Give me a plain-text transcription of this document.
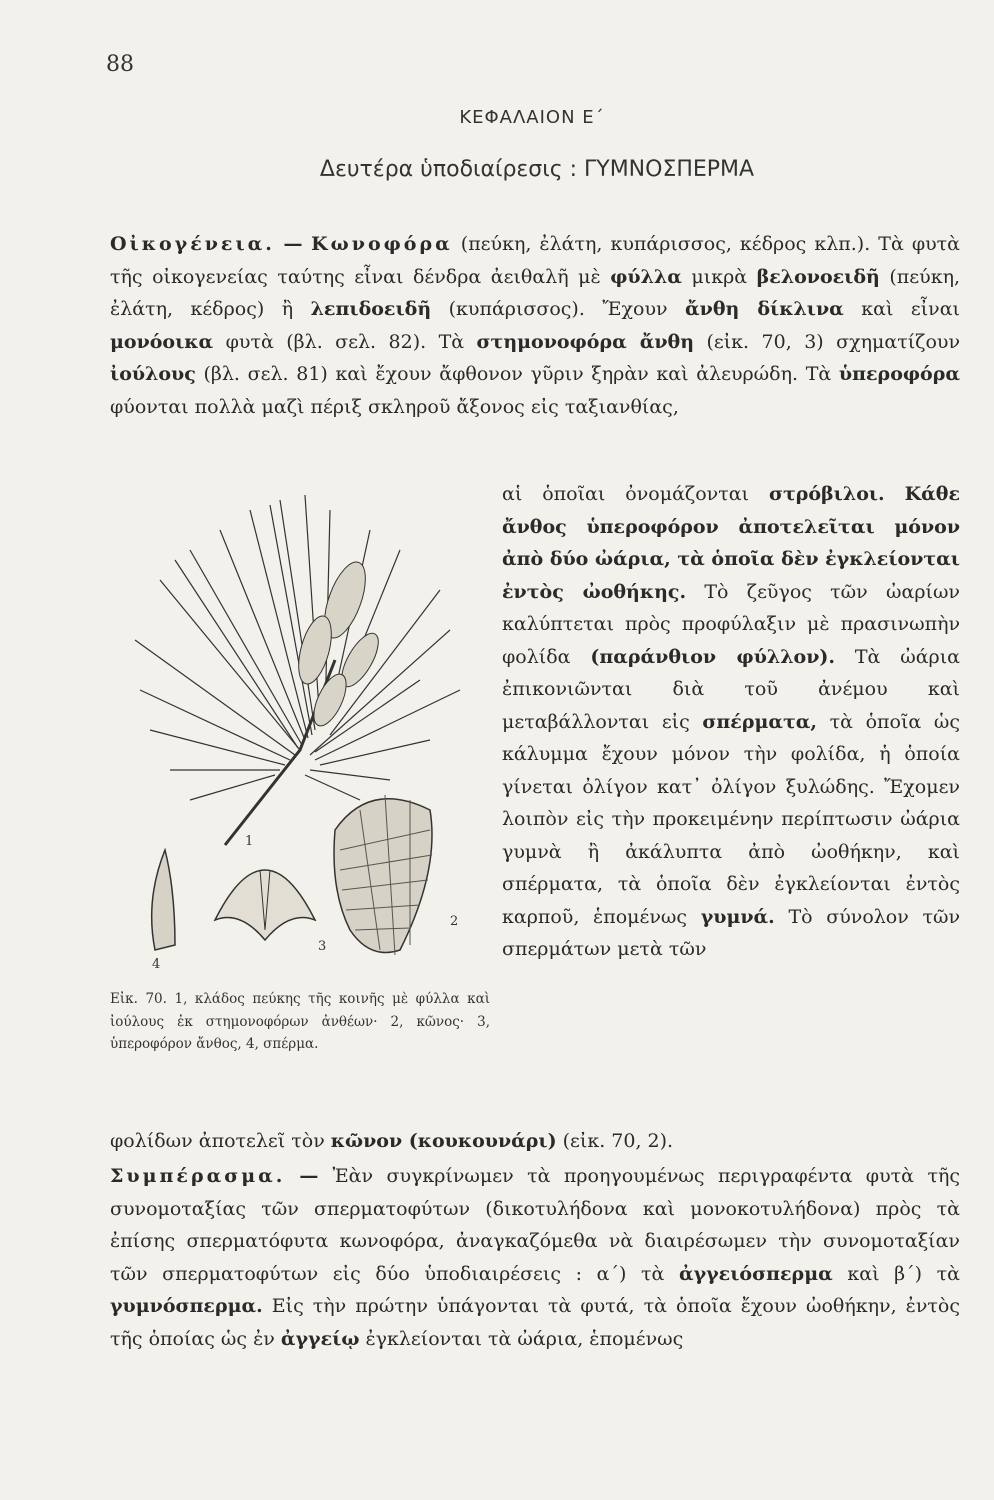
88
ΚΕΦΑΛΑΙΟΝ Ε΄
Δευτέρα ὑποδιαίρεσις : ΓΥΜΝΟΣΠΕΡΜΑ
Οἰκογένεια. — Κωνοφόρα (πεύκη, ἐλάτη, κυπάρισσος, κέδρος κλπ.). Τὰ φυτὰ τῆς οἰκογενείας ταύτης εἶναι δένδρα ἀειθαλῆ μὲ φύλλα μικρὰ βελονοειδῆ (πεύκη, ἐλάτη, κέδρος) ἢ λεπιδοειδῆ (κυπάρισσος). Ἔχουν ἄνθη δίκλινα καὶ εἶναι μονόοικα φυτὰ (βλ. σελ. 82). Τὰ στημονοφόρα ἄνθη (εἰκ. 70, 3) σχηματίζουν ἰούλους (βλ. σελ. 81) καὶ ἔχουν ἄφθονον γῦριν ξηρὰν καὶ ἀλευρώδη. Τὰ ὑπεροφόρα φύονται πολλὰ μαζὶ πέριξ σκληροῦ ἄξονος εἰς ταξιανθίας,
αἱ ὁποῖαι ὀνομάζονται στρόβιλοι. Κάθε ἄνθος ὑπεροφόρον ἀποτελεῖται μόνον ἀπὸ δύο ὠάρια, τὰ ὁποῖα δὲν ἐγκλείονται ἐντὸς ὠοθήκης. Τὸ ζεῦγος τῶν ὠαρίων καλύπτεται πρὸς προφύλαξιν μὲ πρασινωπὴν φολίδα (παράνθιον φύλλον). Τὰ ὠάρια ἐπικονιῶνται διὰ τοῦ ἀνέμου καὶ μεταβάλλονται εἰς σπέρματα, τὰ ὁποῖα ὡς κάλυμμα ἔχουν μόνον τὴν φολίδα, ἡ ὁποία γίνεται ὀλίγον κατ᾽ ὀλίγον ξυλώδης. Ἔχομεν λοιπὸν εἰς τὴν προκειμένην περίπτωσιν ὠάρια γυμνὰ ἢ ἀκάλυπτα ἀπὸ ὠοθήκην, καὶ σπέρματα, τὰ ὁποῖα δὲν ἐγκλείονται ἐντὸς καρποῦ, ἑπομένως γυμνά. Τὸ σύνολον τῶν σπερμάτων μετὰ τῶν
φολίδων ἀποτελεῖ τὸν κῶνον (κουκουνάρι) (εἰκ. 70, 2).
Συμπέρασμα. — Ἐὰν συγκρίνωμεν τὰ προηγουμένως περιγραφέντα φυτὰ τῆς συνομοταξίας τῶν σπερματοφύτων (δικοτυλήδονα καὶ μονοκοτυλήδονα) πρὸς τὰ ἐπίσης σπερματόφυτα κωνοφόρα, ἀναγκαζόμεθα νὰ διαιρέσωμεν τὴν συνομοταξίαν τῶν σπερματοφύτων εἰς δύο ὑποδιαιρέσεις : α΄) τὰ ἀγγειόσπερμα καὶ β΄) τὰ γυμνόσπερμα. Εἰς τὴν πρώτην ὑπάγονται τὰ φυτά, τὰ ὁποῖα ἔχουν ὠοθήκην, ἐντὸς τῆς ὁποίας ὡς ἐν ἀγγείῳ ἐγκλείονται τὰ ὠάρια, ἑπομένως
1
2
3
4
Εἰκ. 70. 1, κλάδος πεύκης τῆς κοινῆς μὲ φύλλα καὶ ἰούλους ἐκ στημονοφόρων ἀνθέων· 2, κῶνος· 3, ὑπεροφόρον ἄνθος, 4, σπέρμα.
